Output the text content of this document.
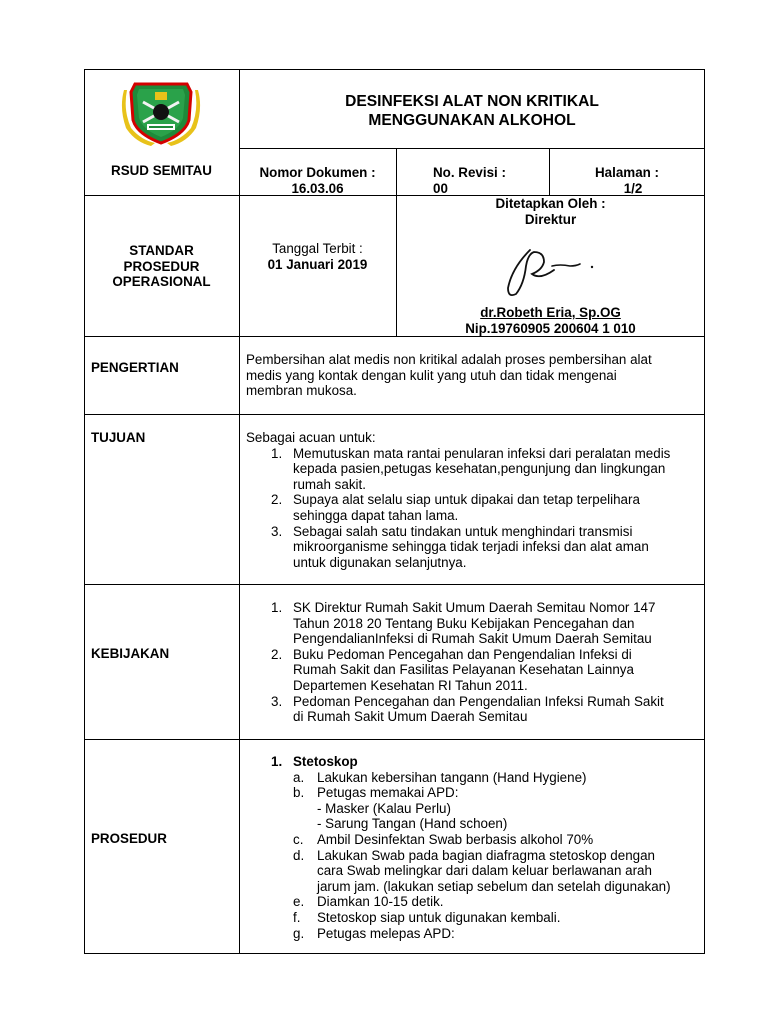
RSUD SEMITAU
DESINFEKSI ALAT NON KRITIKAL
MENGGUNAKAN ALKOHOL
Nomor Dokumen :
16.03.06
No. Revisi :
00
Halaman :
1/2
STANDAR
PROSEDUR
OPERASIONAL
Tanggal Terbit :
01 Januari 2019
Ditetapkan Oleh :
Direktur
dr.Robeth Eria, Sp.OG
Nip.19760905 200604 1 010
PENGERTIAN
Pembersihan alat medis non kritikal adalah proses pembersihan alat
medis yang kontak dengan kulit yang utuh dan tidak mengenai
membran mukosa.
TUJUAN	Sebagai acuan untuk:
1. Memutuskan mata rantai penularan infeksi dari peralatan medis
kepada pasien,petugas kesehatan,pengunjung dan lingkungan
rumah sakit.
2. Supaya alat selalu siap untuk dipakai dan tetap terpelihara
sehingga dapat tahan lama.
3. Sebagai salah satu tindakan untuk menghindari transmisi
mikroorganisme sehingga tidak terjadi infeksi dan alat aman
untuk digunakan selanjutnya.
KEBIJAKAN
1. SK Direktur Rumah Sakit Umum Daerah Semitau Nomor 147
Tahun 2018 20 Tentang Buku Kebijakan Pencegahan dan
PengendalianInfeksi di Rumah Sakit Umum Daerah Semitau
2. Buku Pedoman Pencegahan dan Pengendalian Infeksi di
Rumah Sakit dan Fasilitas Pelayanan Kesehatan Lainnya
Departemen Kesehatan RI Tahun 2011.
3. Pedoman Pencegahan dan Pengendalian Infeksi Rumah Sakit
di Rumah Sakit Umum Daerah Semitau
PROSEDUR
1. Stetoskop
a. Lakukan kebersihan tangann (Hand Hygiene)
b. Petugas memakai APD:
- Masker (Kalau Perlu)
- Sarung Tangan (Hand schoen)
c. Ambil Desinfektan Swab berbasis alkohol 70%
d. Lakukan Swab pada bagian diafragma stetoskop dengan
cara Swab melingkar dari dalam keluar berlawanan arah
jarum jam. (lakukan setiap sebelum dan setelah digunakan)
e. Diamkan 10-15 detik.
f. Stetoskop siap untuk digunakan kembali.
g. Petugas melepas APD:
